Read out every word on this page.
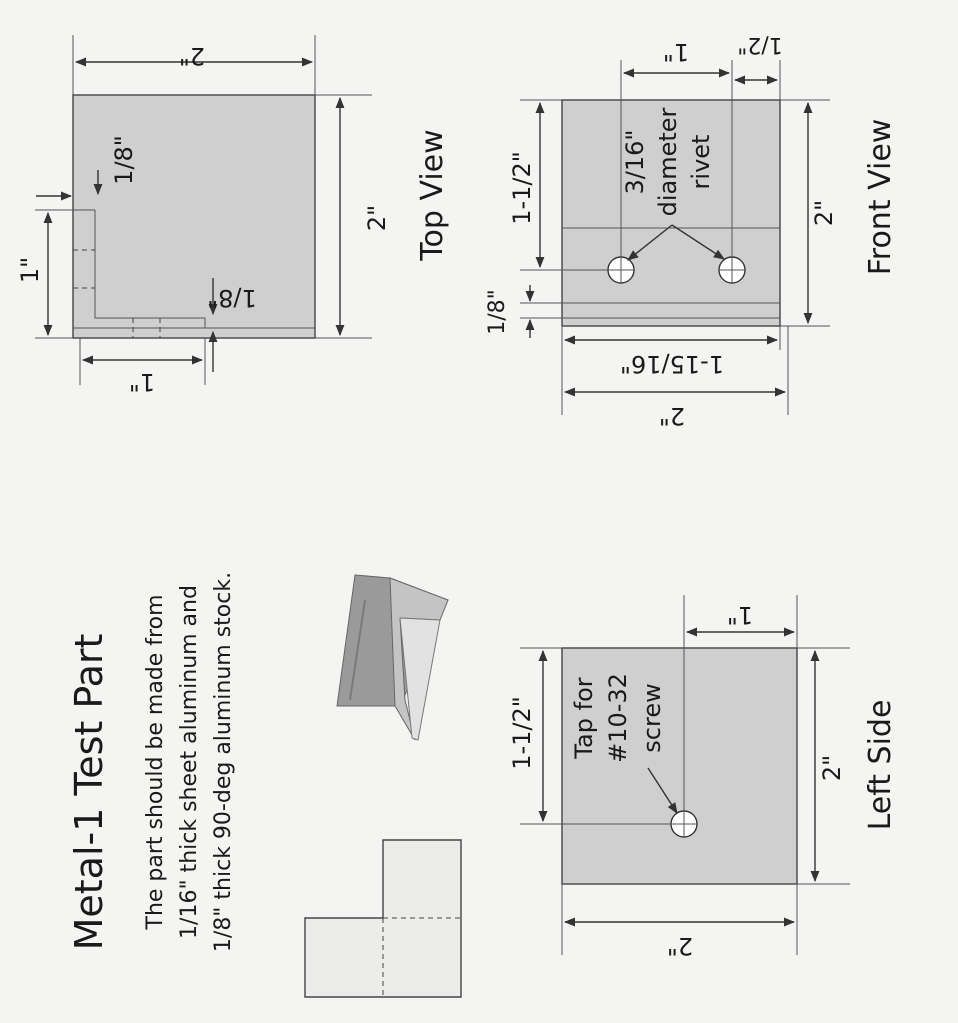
2"
2"
1"
1"
1/8"
1/8"
Top View
1" 1/2"
1-1/2"
1/8"
2"
1-15/16"
2"
3/16" diameter rivet	Front View
Metal-1 Test Part The part should be made from 1/16" thick sheet aluminum and 1/8" thick 90-deg aluminum stock.	1"
1-1/2"	2"
2"
Tap for #10-32 screw	Left Side
